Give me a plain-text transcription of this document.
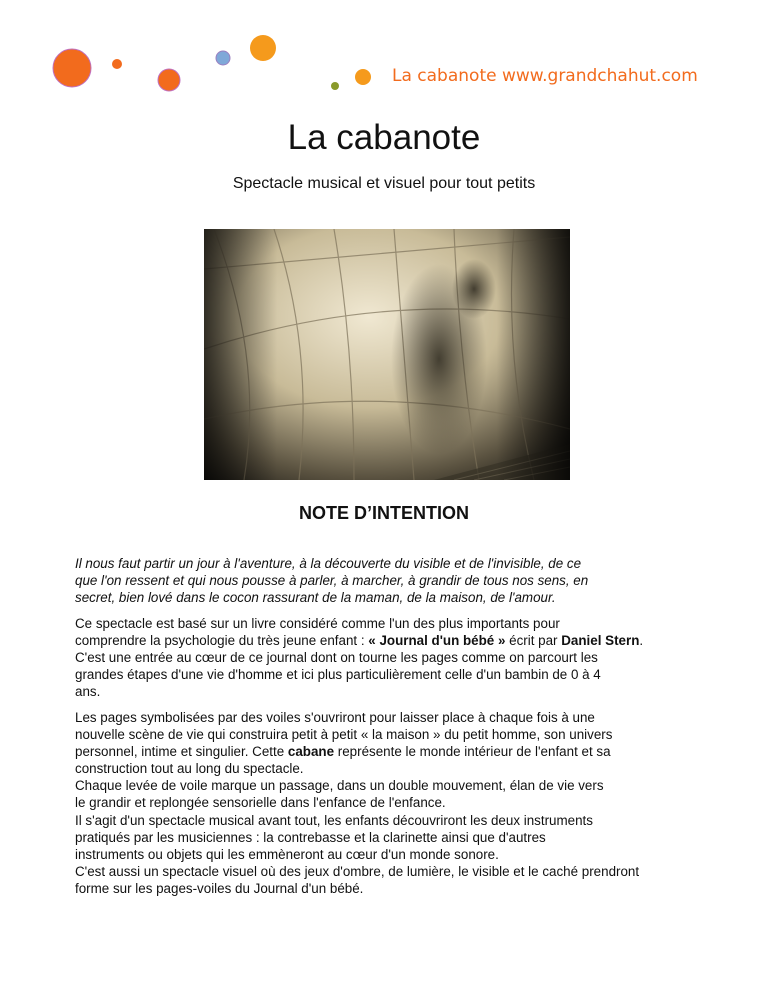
La cabanote www.grandchahut.com
La cabanote

Spectacle musical et visuel pour tout petits

NOTE D’INTENTION

Il nous faut partir un jour à l'aventure, à la découverte du visible et de l'invisible, de ce
que l'on ressent et qui nous pousse à parler, à marcher, à grandir de tous nos sens, en
secret, bien lové dans le cocon rassurant de la maman, de la maison, de l'amour.

Ce spectacle est basé sur un livre considéré comme l'un des plus importants pour
comprendre la psychologie du très jeune enfant : « Journal d'un bébé » écrit par Daniel Stern.
C'est une entrée au cœur de ce journal dont on tourne les pages comme on parcourt les
grandes étapes d'une vie d'homme et ici plus particulièrement celle d'un bambin de 0 à 4
ans.

Les pages symbolisées par des voiles s'ouvriront pour laisser place à chaque fois à une
nouvelle scène de vie qui construira petit à petit « la maison » du petit homme, son univers
personnel, intime et singulier. Cette cabane représente le monde intérieur de l'enfant et sa
construction tout au long du spectacle.
Chaque levée de voile marque un passage, dans un double mouvement, élan de vie vers
le grandir et replongée sensorielle dans l'enfance de l'enfance.

Il s'agit d'un spectacle musical avant tout, les enfants découvriront les deux instruments
pratiqués par les musiciennes : la contrebasse et la clarinette ainsi que d'autres
instruments ou objets qui les emmèneront au cœur d'un monde sonore.
C'est aussi un spectacle visuel où des jeux d'ombre, de lumière, le visible et le caché prendront
forme sur les pages-voiles du Journal d'un bébé.
